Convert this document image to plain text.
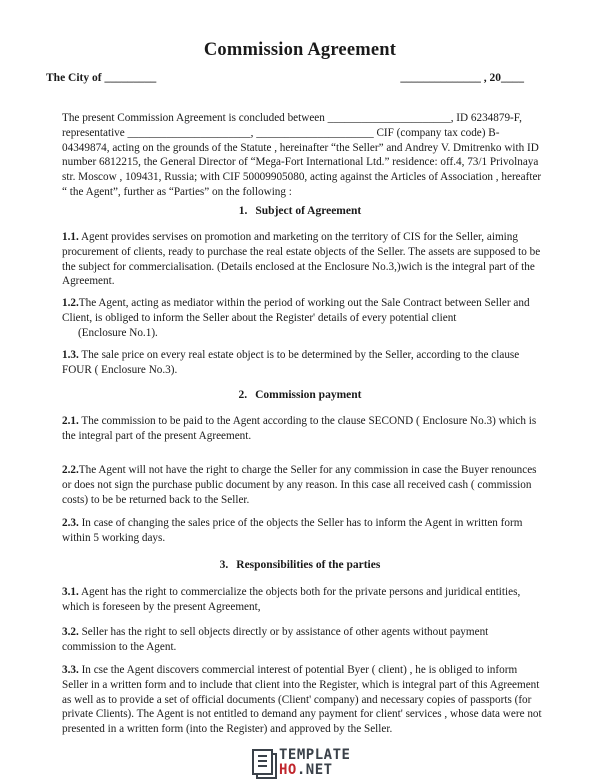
Commission Agreement
The City of _________	______________ , 20____
The present Commission Agreement is concluded between ______________________, ID 6234879-F, representative ______________________, _____________________ CIF (company tax code) B-04349874, acting on the grounds of the Statute , hereinafter “the Seller” and Andrey V. Dmitrenko with ID number 6812215, the General Director of “Mega-Fort International Ltd.” residence: off.4, 73/1 Privolnaya str. Moscow , 109431, Russia; with CIF 50009905080, acting against the Articles of Association , hereafter “ the Agent”, further as “Parties” on the following :
1. Subject of Agreement
1.1. Agent provides servises on promotion and marketing on the territory of CIS for the Seller, aiming procurement of clients, ready to purchase the real estate objects of the Seller. The assets are supposed to be the subject for commercialisation. (Details enclosed at the Enclosure No.3,)wich is the integral part of the Agreement.
1.2.The Agent, acting as mediator within the period of working out the Sale Contract between Seller and Client, is obliged to inform the Seller about the Register' details of every potential client
(Enclosure No.1).
1.3. The sale price on every real estate object is to be determined by the Seller, according to the clause FOUR ( Enclosure No.3).
2. Commission payment
2.1. The commission to be paid to the Agent according to the clause SECOND ( Enclosure No.3) which is the integral part of the present Agreement.
2.2.The Agent will not have the right to charge the Seller for any commission in case the Buyer renounces or does not sign the purchase public document by any reason. In this case all received cash ( commission costs) to be be returned back to the Seller.
2.3. In case of changing the sales price of the objects the Seller has to inform the Agent in written form within 5 working days.
3. Responsibilities of the parties
3.1. Agent has the right to commercialize the objects both for the private persons and juridical entities, which is foreseen by the present Agreement,
3.2. Seller has the right to sell objects directly or by assistance of other agents without payment commission to the Agent.
3.3. In cse the Agent discovers commercial interest of potential Byer ( client) , he is obliged to inform Seller in a written form and to include that client into the Register, which is integral part of this Agreement as well as to provide a set of official documents (Client' company) and necessary copies of passports (for private Clients). The Agent is not entitled to demand any payment for client' services , whose data were not presented in a written form (into the Register) and approved by the Seller.
TEMPLATE
HO.NET
